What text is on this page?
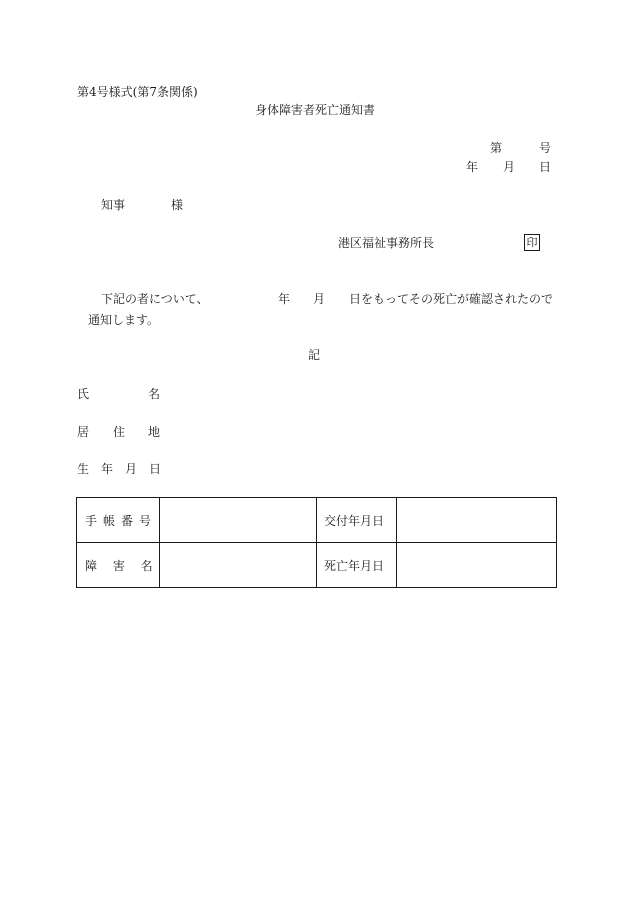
第4号様式(第7条関係)
身体障害者死亡通知書
第	号
年 月 日
知事	様
港区福祉事務所長	印
下記の者について、	年 月 日をもってその死亡が確認されたので
通知します。
記
氏	名
居 住 地
生 年 月 日
手帳番号		交付年月日	
障 害 名		死亡年月日	
